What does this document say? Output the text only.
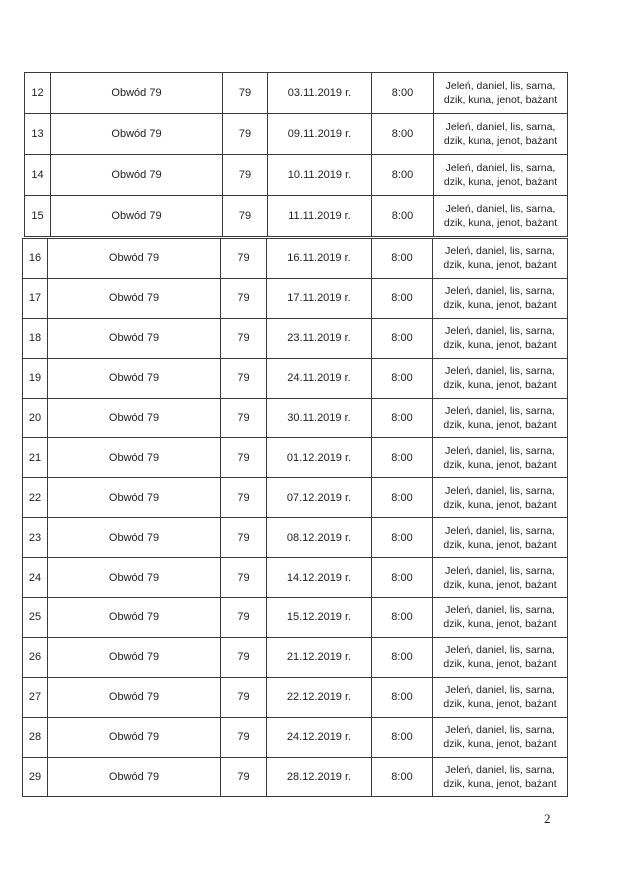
12	Obwód 79	79	03.11.2019 r.	8:00	Jeleń, daniel, lis, sarna,
dzik, kuna, jenot, bażant

13	Obwód 79	79	09.11.2019 r.	8:00	Jeleń, daniel, lis, sarna,
dzik, kuna, jenot, bażant

14	Obwód 79	79	10.11.2019 r.	8:00	Jeleń, daniel, lis, sarna,
dzik, kuna, jenot, bażant

15	Obwód 79	79	11.11.2019 r.	8:00	Jeleń, daniel, lis, sarna,
dzik, kuna, jenot, bażant
16	Obwód 79	79	16.11.2019 r.	8:00	Jeleń, daniel, lis, sarna,
dzik, kuna, jenot, bażant

17	Obwód 79	79	17.11.2019 r.	8:00	Jeleń, daniel, lis, sarna,
dzik, kuna, jenot, bażant

18	Obwód 79	79	23.11.2019 r.	8:00	Jeleń, daniel, lis, sarna,
dzik, kuna, jenot, bażant

19	Obwód 79	79	24.11.2019 r.	8:00	Jeleń, daniel, lis, sarna,
dzik, kuna, jenot, bażant

20	Obwód 79	79	30.11.2019 r.	8:00	Jeleń, daniel, lis, sarna,
dzik, kuna, jenot, bażant

21	Obwód 79	79	01.12.2019 r.	8:00	Jeleń, daniel, lis, sarna,
dzik, kuna, jenot, bażant

22	Obwód 79	79	07.12.2019 r.	8:00	Jeleń, daniel, lis, sarna,
dzik, kuna, jenot, bażant

23	Obwód 79	79	08.12.2019 r.	8:00	Jeleń, daniel, lis, sarna,
dzik, kuna, jenot, bażant

24	Obwód 79	79	14.12.2019 r.	8:00	Jeleń, daniel, lis, sarna,
dzik, kuna, jenot, bażant

25	Obwód 79	79	15.12.2019 r.	8:00	Jeleń, daniel, lis, sarna,
dzik, kuna, jenot, bażant

26	Obwód 79	79	21.12.2019 r.	8:00	Jeleń, daniel, lis, sarna,
dzik, kuna, jenot, bażant

27	Obwód 79	79	22.12.2019 r.	8:00	Jeleń, daniel, lis, sarna,
dzik, kuna, jenot, bażant

28	Obwód 79	79	24.12.2019 r.	8:00	Jeleń, daniel, lis, sarna,
dzik, kuna, jenot, bażant

29	Obwód 79	79	28.12.2019 r.	8:00	Jeleń, daniel, lis, sarna,
dzik, kuna, jenot, bażant
2
